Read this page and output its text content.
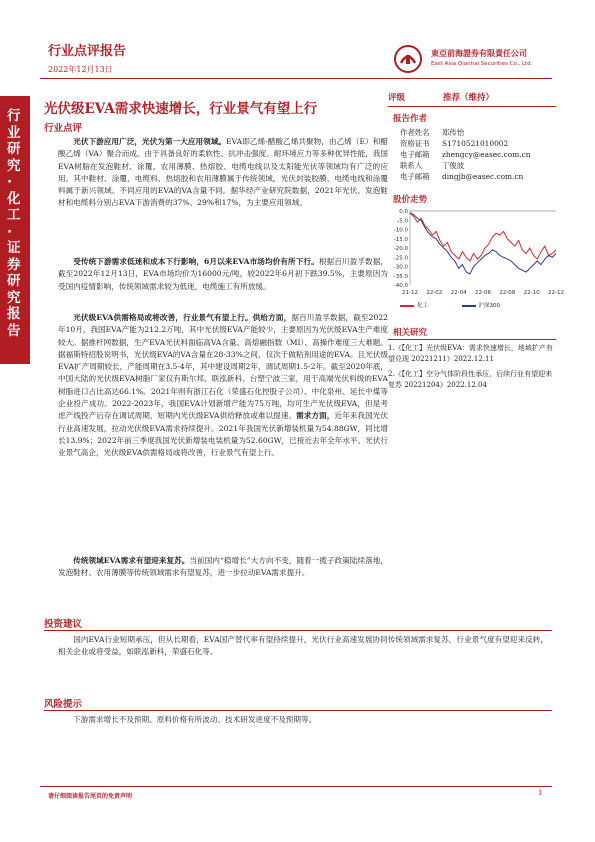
行业点评报告
2022年12月13日
東亞前海證券有限責任公司
East Asia Qianhai Securities Co., Ltd.
行业研究·化工·证券研究报告
光伏级EVA需求快速增长，行业景气有望上行
行业点评
光伏下游应用广泛，光伏为第一大应用领域。EVA即乙烯-醋酸乙烯共聚物，由乙烯（E）和醋酸乙烯（VA）聚合而成。由于具备良好的柔软性、抗冲击强度、耐环境应力等多种优异性能，我国EVA树脂在发泡鞋材、涂覆、农用薄膜、热熔胶、电缆电线以及太阳能光伏等领域均有广泛的应用。其中鞋材、涂覆、电缆料、热熔胶和农用薄膜属于传统领域，光伏封装胶膜、电缆电线和涂覆料属于新兴领域。不同应用的EVA的VA含量不同。据华经产业研究院数据，2021年光伏、发泡鞋材和电缆料分别占EVA下游消费的37%、29%和17%，为主要应用领域。
受传统下游需求低迷和成本下行影响，6月以来EVA市场均价有所下行。根据百川盈孚数据，截至2022年12月13日，EVA市场均价为16000元/吨，较2022年6月初下跌39.5%，主要原因为受国内疫情影响，传统领域需求较为低迷，电缆施工有所放缓。
光伏级EVA供需格局或将改善，行业景气有望上行。供给方面，据百川盈孚数据，截至2022年10月，我国EVA产能为212.2万吨，其中光伏级EVA产能较少，主要原因为光伏级EVA生产难度较大。据推杆网数据，生产EVA光伏料面临高VA含量、高熔融指数（MI）、高操作难度三大难题。据福斯特招股说明书，光伏级EVA的VA含量在28-33%之间，仅次于做粘剂用途的EVA。且光伏级EVA扩产周期较长，产能周期在3.5-4年，其中建设周期2年，调试周期1.5-2年。截至2020年底，中国大陆的光伏级EVA树脂厂家仅有斯尔邦、联泓新科、台塑宁波三家，用于高端光伏料级的EVA树脂进口占比高达66.1%。2021年则有浙江石化（荣盛石化控股子公司）、中化泉州、延长中煤等企业投产成功。2022-2023年，我国EVA计划新增产能为75万吨，均可生产光伏级EVA，但是考虑产线投产后存在调试周期，短期内光伏级EVA供给释放或难以提速。需求方面，近年来我国光伏行业高速发展，拉动光伏级EVA需求持续提升。2021年我国光伏新增装机量为54.88GW，同比增长13.9%；2022年前三季度我国光伏新增装电装机量为52.60GW，已接近去年全年水平。光伏行业景气高企，光伏级EVA供需格局或将改善，行业景气有望上行。
传统领域EVA需求有望迎来复苏。当前国内“稳增长”大方向不变，随着一揽子政策陆续落地，发泡鞋材、农用薄膜等传统领域需求有望复苏，进一步拉动EVA需求提升。
投资建议
国内EVA行业短期承压，但从长期看，EVA国产替代率有望持续提升，光伏行业高速发展协同传统领域需求复苏，行业景气度有望迎来反转，相关企业或将受益，如联泓新科，荣盛石化等。
风险提示
下游需求增长不及预期、原料价格有所波动、技术研发进度不及预期等。
评级	推荐（维持）
报告作者
作者姓名	郑传怡
资格证书	S1710521010002
电子邮箱	zhengcy@easec.com.cn
联系人	丁俊波
电子邮箱	dingjb@easec.com.cn
股价走势
0.0
-5.0
-10.0
-15.0
-20.0
-25.0
-30.0
-35.0
-40.0
21-12 22-02 22-04 22-06 22-08 22-10 22-12
化工	沪深300
相关研究
1.《【化工】光伏级EVA：需求快速增长，地域扩产有望兑现 20221211》2022.12.11
2.《【化工】空分气体阶段性承压，后续行业有望迎来复苏 20221204》2022.12.04
请仔细阅读报告尾页的免责声明	1
